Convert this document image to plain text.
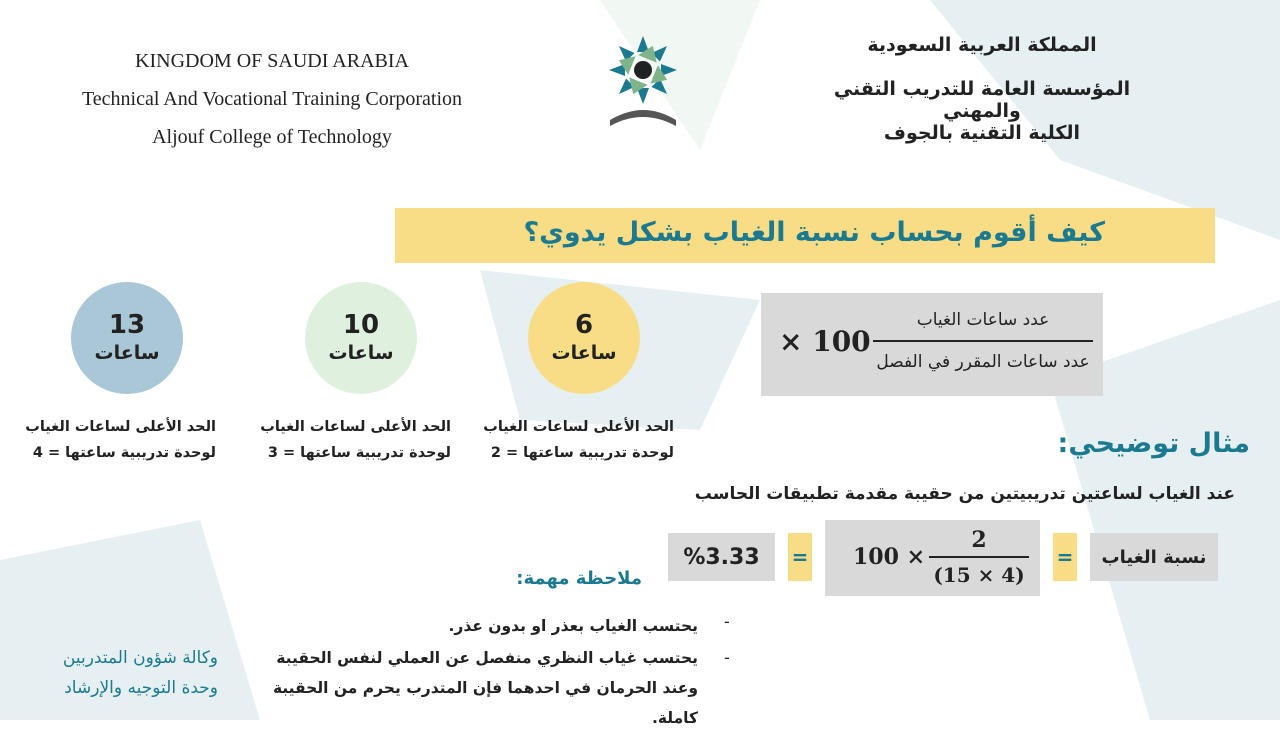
KINGDOM OF SAUDI ARABIA
Technical And Vocational Training Corporation
Aljouf College of Technology
المملكة العربية السعودية
المؤسسة العامة للتدريب التقني والمهني
الكلية التقنية بالجوف
كيف أقوم بحساب نسبة الغياب بشكل يدوي؟
100 ×
عدد ساعات الغياب
عدد ساعات المقرر في الفصل
6
ساعات
10
ساعات
13
ساعات
الحد الأعلى لساعات الغياب
لوحدة تدريبية ساعتها = 2
الحد الأعلى لساعات الغياب
لوحدة تدريبية ساعتها = 3
الحد الأعلى لساعات الغياب
لوحدة تدريبية ساعتها = 4	مثال توضيحي:
عند الغياب لساعتين تدريبيتين من حقيبة مقدمة تطبيقات الحاسب
نسبة الغياب
=
100 ×
2
(15 × 4)
=
%3.33
ملاحظة مهمة:
-
يحتسب الغياب بعذر او بدون عذر.
-
يحتسب غياب النظري منفصل عن العملي لنفس الحقيبة وعند الحرمان في احدهما فإن المتدرب يحرم من الحقيبة كاملة.
وكالة شؤون المتدربين
وحدة التوجيه والإرشاد
